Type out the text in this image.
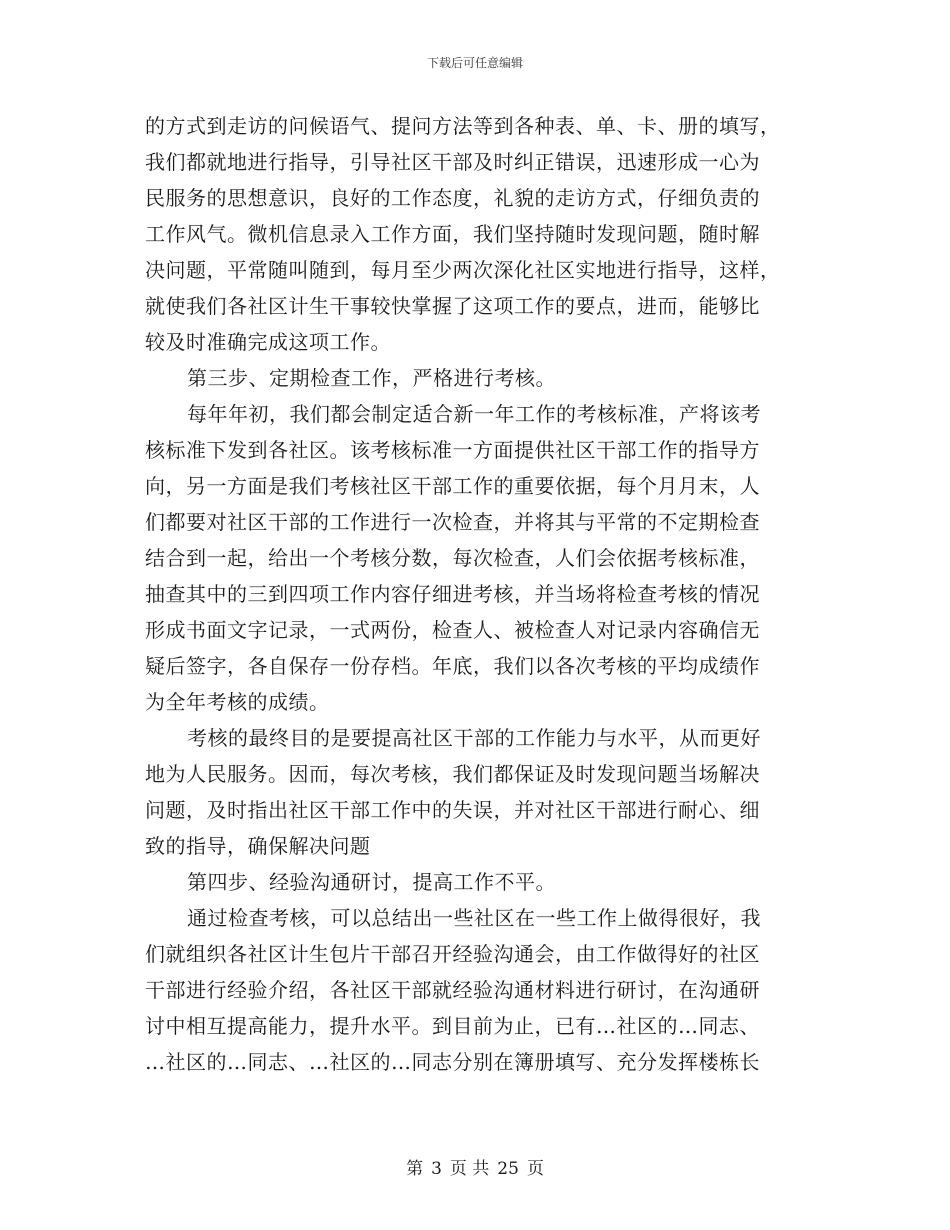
下载后可任意编辑
的方式到走访的问候语气、提问方法等到各种表、单、卡、册的填写，
我们都就地进行指导，引导社区干部及时纠正错误，迅速形成一心为
民服务的思想意识，良好的工作态度，礼貌的走访方式，仔细负责的
工作风气。微机信息录入工作方面，我们坚持随时发现问题，随时解
决问题，平常随叫随到，每月至少两次深化社区实地进行指导，这样，
就使我们各社区计生干事较快掌握了这项工作的要点，进而，能够比
较及时准确完成这项工作。
第三步、定期检查工作，严格进行考核。
每年年初，我们都会制定适合新一年工作的考核标准，产将该考
核标准下发到各社区。该考核标准一方面提供社区干部工作的指导方
向，另一方面是我们考核社区干部工作的重要依据，每个月月末，人
们都要对社区干部的工作进行一次检查，并将其与平常的不定期检查
结合到一起，给出一个考核分数，每次检查，人们会依据考核标准，
抽查其中的三到四项工作内容仔细进考核，并当场将检查考核的情况
形成书面文字记录，一式两份，检查人、被检查人对记录内容确信无
疑后签字，各自保存一份存档。年底，我们以各次考核的平均成绩作
为全年考核的成绩。
考核的最终目的是要提高社区干部的工作能力与水平，从而更好
地为人民服务。因而，每次考核，我们都保证及时发现问题当场解决
问题，及时指出社区干部工作中的失误，并对社区干部进行耐心、细
致的指导，确保解决问题
第四步、经验沟通研讨，提高工作不平。
通过检查考核，可以总结出一些社区在一些工作上做得很好，我
们就组织各社区计生包片干部召开经验沟通会，由工作做得好的社区
干部进行经验介绍，各社区干部就经验沟通材料进行研讨，在沟通研
讨中相互提高能力，提升水平。到目前为止，已有…社区的…同志、
…社区的…同志、…社区的…同志分别在簿册填写、充分发挥楼栋长
第 3 页 共 25 页
